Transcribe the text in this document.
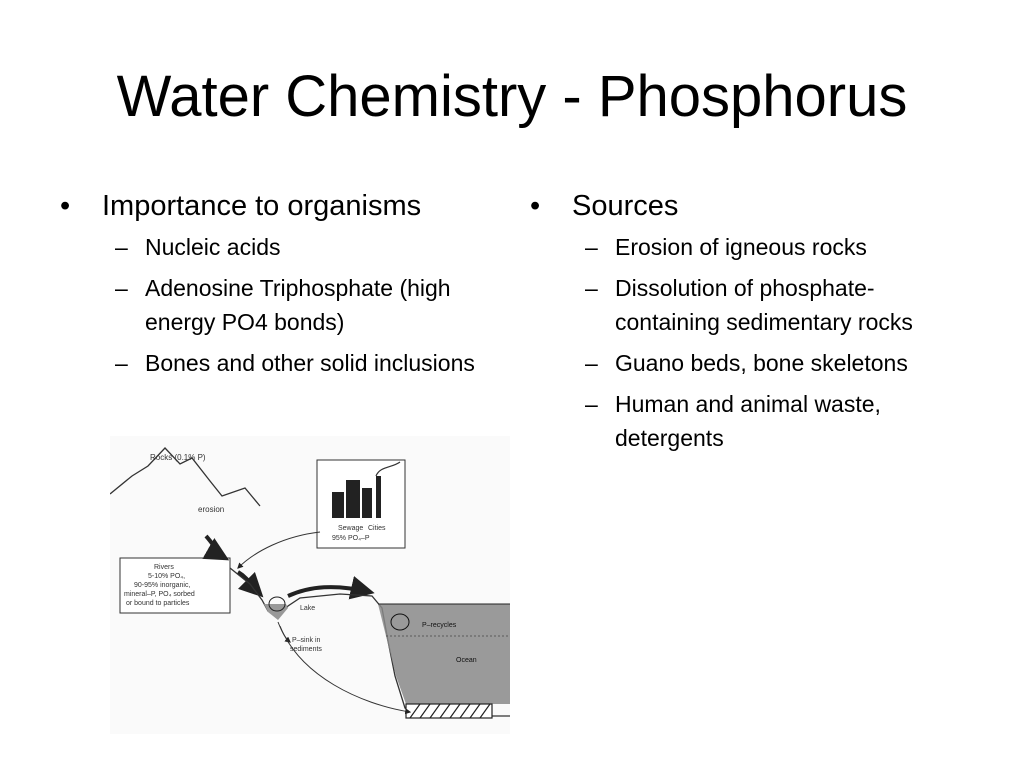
Water Chemistry - Phosphorus
•	Importance to organisms
– Nucleic acids
– Adenosine Triphosphate (high energy PO4 bonds)
– Bones and other solid inclusions
•	Sources
– Erosion of igneous rocks
– Dissolution of phosphate-containing sedimentary rocks
– Guano beds, bone skeletons
– Human and animal waste, detergents
Rocks (0.1% P)
erosion
Cities
Sewage
95% PO₄–P
Rivers
5-10% PO₄,
90-95% inorganic,
mineral–P, PO₄ sorbed
or bound to particles
Lake
P–recycles
Ocean
P–sink in
sediments
